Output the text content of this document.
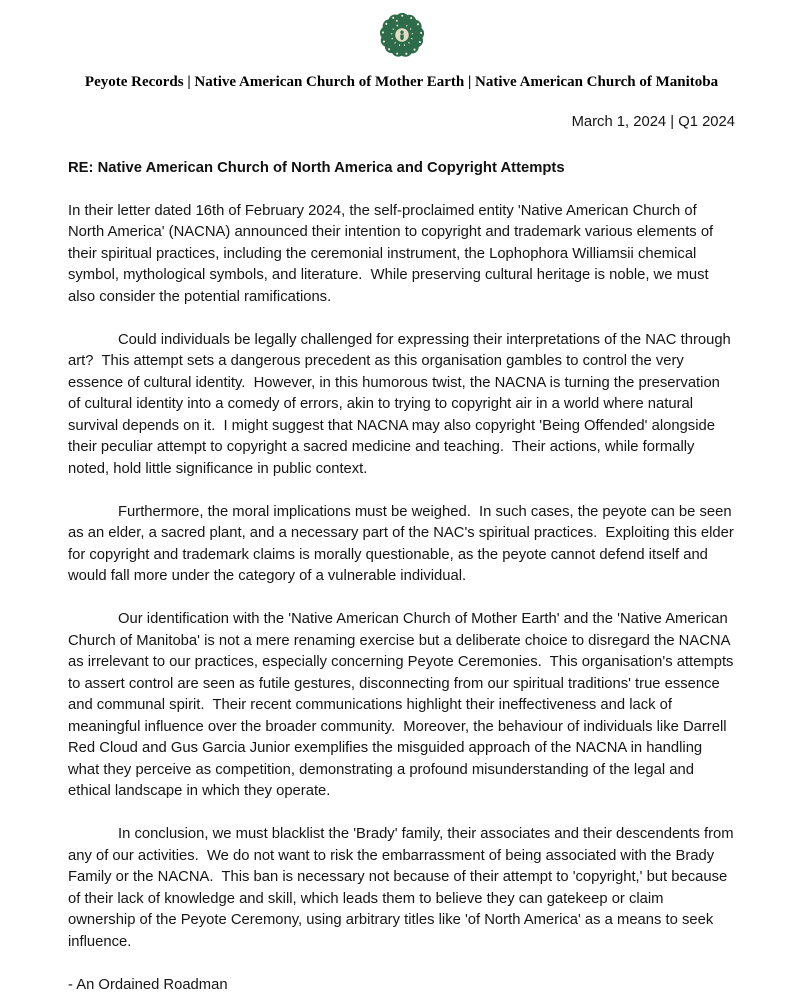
Peyote Records | Native American Church of Mother Earth | Native American Church of Manitoba
March 1, 2024 | Q1 2024
RE: Native American Church of North America and Copyright Attempts

In their letter dated 16th of February 2024, the self-proclaimed entity 'Native American Church of North America' (NACNA) announced their intention to copyright and trademark various elements of their spiritual practices, including the ceremonial instrument, the Lophophora Williamsii chemical symbol, mythological symbols, and literature.  While preserving cultural heritage is noble, we must also consider the potential ramifications.

Could individuals be legally challenged for expressing their interpretations of the NAC through art?  This attempt sets a dangerous precedent as this organisation gambles to control the very essence of cultural identity.  However, in this humorous twist, the NACNA is turning the preservation of cultural identity into a comedy of errors, akin to trying to copyright air in a world where natural survival depends on it.  I might suggest that NACNA may also copyright 'Being Offended' alongside their peculiar attempt to copyright a sacred medicine and teaching.  Their actions, while formally noted, hold little significance in public context.

Furthermore, the moral implications must be weighed.  In such cases, the peyote can be seen as an elder, a sacred plant, and a necessary part of the NAC's spiritual practices.  Exploiting this elder for copyright and trademark claims is morally questionable, as the peyote cannot defend itself and would fall more under the category of a vulnerable individual.

Our identification with the 'Native American Church of Mother Earth' and the 'Native American Church of Manitoba' is not a mere renaming exercise but a deliberate choice to disregard the NACNA as irrelevant to our practices, especially concerning Peyote Ceremonies.  This organisation's attempts to assert control are seen as futile gestures, disconnecting from our spiritual traditions' true essence and communal spirit.  Their recent communications highlight their ineffectiveness and lack of meaningful influence over the broader community.  Moreover, the behaviour of individuals like Darrell Red Cloud and Gus Garcia Junior exemplifies the misguided approach of the NACNA in handling what they perceive as competition, demonstrating a profound misunderstanding of the legal and ethical landscape in which they operate.

In conclusion, we must blacklist the 'Brady' family, their associates and their descendents from any of our activities.  We do not want to risk the embarrassment of being associated with the Brady Family or the NACNA.  This ban is necessary not because of their attempt to 'copyright,' but because of their lack of knowledge and skill, which leads them to believe they can gatekeep or claim ownership of the Peyote Ceremony, using arbitrary titles like 'of North America' as a means to seek influence.

- An Ordained Roadman
